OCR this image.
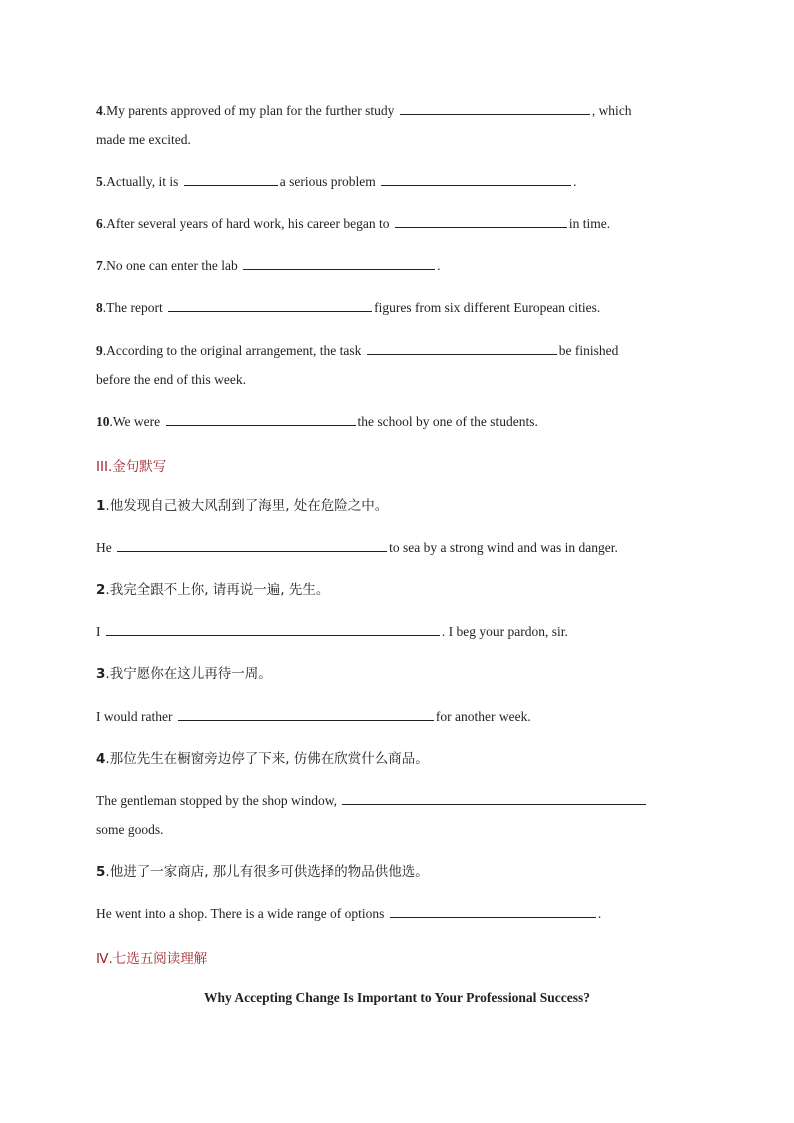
4.My parents approved of my plan for the further study	, which
made me excited.
5.Actually, it is	a serious problem	.
6.After several years of hard work, his career began to	in time.
7.No one can enter the lab	.
8.The report	figures from six different European cities.
9.According to the original arrangement, the task	be finished
before the end of this week.
10.We were	the school by one of the students.
III.金句默写
1.他发现自己被大风刮到了海里, 处在危险之中。
He	to sea by a strong wind and was in danger.
2.我完全跟不上你, 请再说一遍, 先生。
I	. I beg your pardon, sir.
3.我宁愿你在这儿再待一周。
I would rather	for another week.
4.那位先生在橱窗旁边停了下来, 仿佛在欣赏什么商品。
The gentleman stopped by the shop window,
some goods.
5.他进了一家商店, 那儿有很多可供选择的物品供他选。
He went into a shop. There is a wide range of options	.
Ⅳ.七选五阅读理解
Why Accepting Change Is Important to Your Professional Success?
